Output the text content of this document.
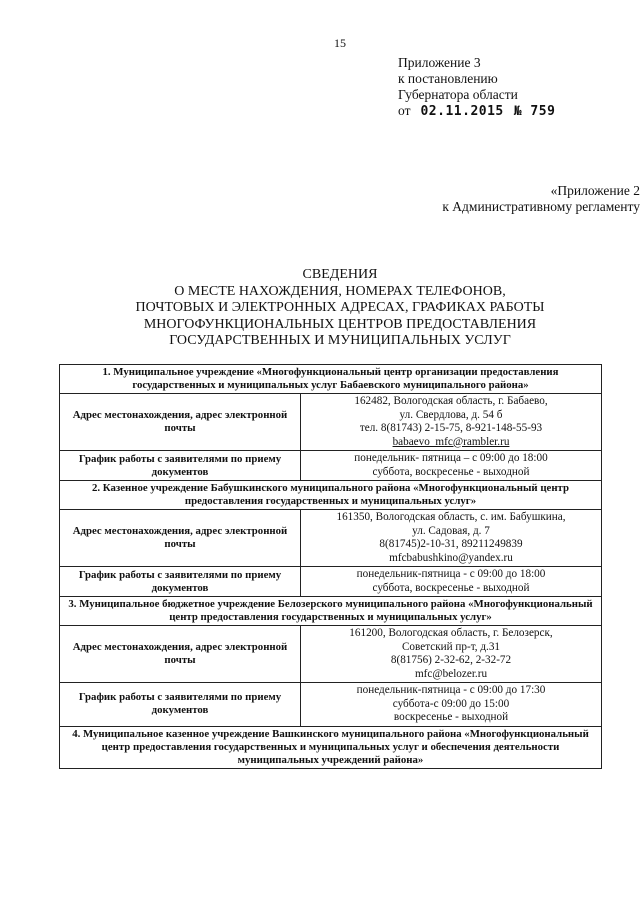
15
Приложение 3
к постановлению
Губернатора области
от 02.11.2015 № 759
«Приложение 2
к Административному регламенту
СВЕДЕНИЯ
О МЕСТЕ НАХОЖДЕНИЯ, НОМЕРАХ ТЕЛЕФОНОВ,
ПОЧТОВЫХ И ЭЛЕКТРОННЫХ АДРЕСАХ, ГРАФИКАХ РАБОТЫ
МНОГОФУНКЦИОНАЛЬНЫХ ЦЕНТРОВ ПРЕДОСТАВЛЕНИЯ
ГОСУДАРСТВЕННЫХ И МУНИЦИПАЛЬНЫХ УСЛУГ
1. Муниципальное учреждение «Многофункциональный центр организации предоставления государственных и муниципальных услуг Бабаевского муниципального района»	
Адрес местонахождения, адрес электронной почты	162482, Вологодская область, г. Бабаево,
ул. Свердлова, д. 54 б
тел. 8(81743) 2-15-75, 8-921-148-55-93
babaevo_mfc@rambler.ru

График работы с заявителями по приему документов	понедельник- пятница – с 09:00 до 18:00
суббота, воскресенье - выходной

2. Казенное учреждение Бабушкинского муниципального района «Многофункциональный центр предоставления государственных и муниципальных услуг»	
Адрес местонахождения, адрес электронной почты	161350, Вологодская область, с. им. Бабушкина,
ул. Садовая, д. 7
8(81745)2-10-31, 89211249839
mfcbabushkino@yandex.ru

График работы с заявителями по приему документов	понедельник-пятница - с 09:00 до 18:00
суббота, воскресенье - выходной

3. Муниципальное бюджетное учреждение Белозерского муниципального района «Многофункциональный центр предоставления государственных и муниципальных услуг»	
Адрес местонахождения, адрес электронной почты	161200, Вологодская область, г. Белозерск,
Советский пр-т, д.31
8(81756) 2-32-62, 2-32-72
mfc@belozer.ru

График работы с заявителями по приему документов	понедельник-пятница - с 09:00 до 17:30
суббота-с 09:00 до 15:00
воскресенье - выходной

4. Муниципальное казенное учреждение Вашкинского муниципального района «Многофункциональный центр предоставления государственных и муниципальных услуг и обеспечения деятельности муниципальных учреждений района»	
